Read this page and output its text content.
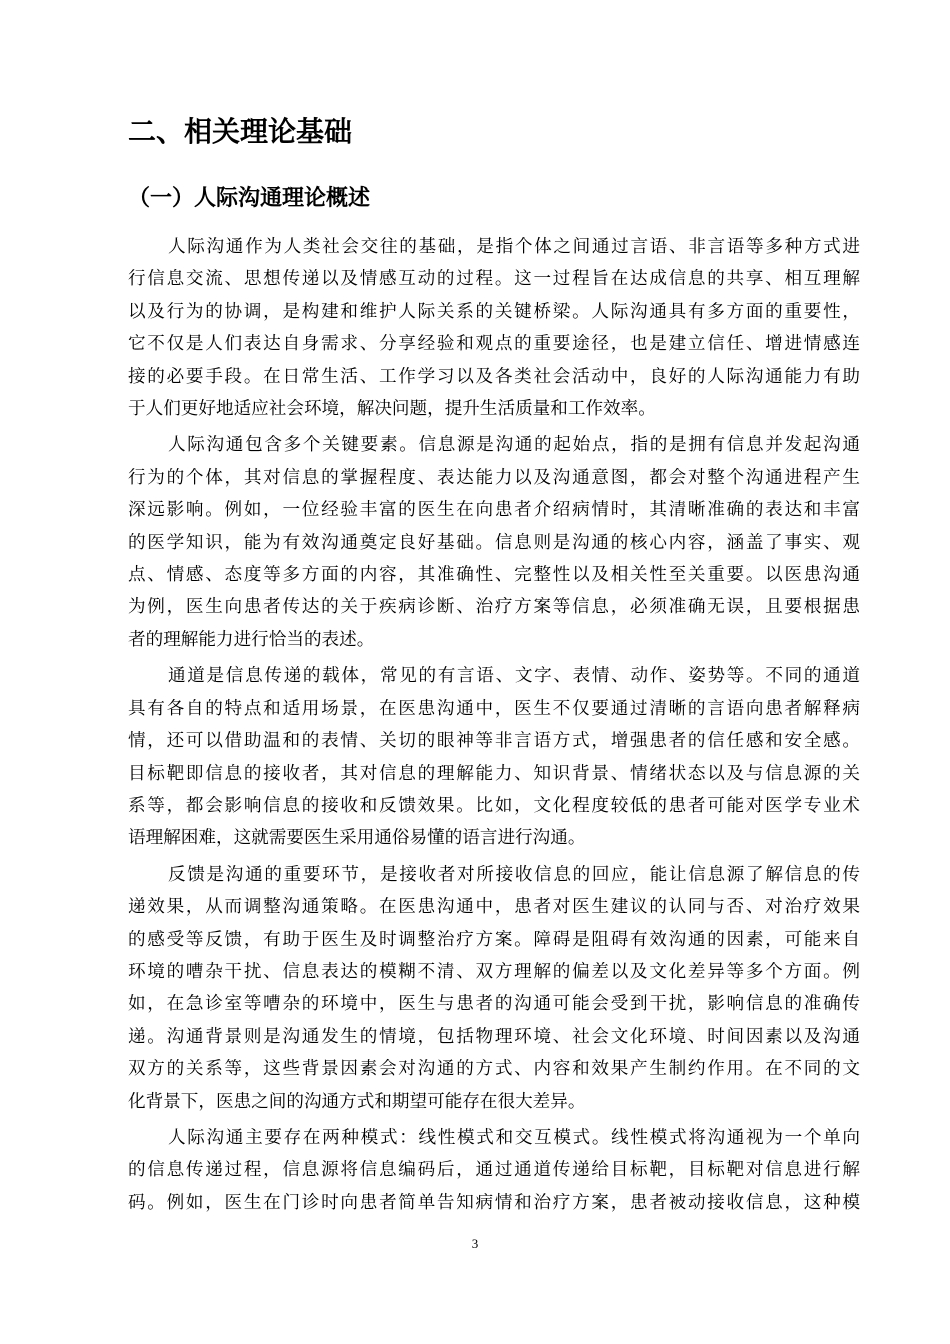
二、相关理论基础
（一）人际沟通理论概述
人际沟通作为人类社会交往的基础，是指个体之间通过言语、非言语等多种方式进
行信息交流、思想传递以及情感互动的过程。这一过程旨在达成信息的共享、相互理解
以及行为的协调，是构建和维护人际关系的关键桥梁。人际沟通具有多方面的重要性，
它不仅是人们表达自身需求、分享经验和观点的重要途径，也是建立信任、增进情感连
接的必要手段。在日常生活、工作学习以及各类社会活动中，良好的人际沟通能力有助
于人们更好地适应社会环境，解决问题，提升生活质量和工作效率。
人际沟通包含多个关键要素。信息源是沟通的起始点，指的是拥有信息并发起沟通
行为的个体，其对信息的掌握程度、表达能力以及沟通意图，都会对整个沟通进程产生
深远影响。例如，一位经验丰富的医生在向患者介绍病情时，其清晰准确的表达和丰富
的医学知识，能为有效沟通奠定良好基础。信息则是沟通的核心内容，涵盖了事实、观
点、情感、态度等多方面的内容，其准确性、完整性以及相关性至关重要。以医患沟通
为例，医生向患者传达的关于疾病诊断、治疗方案等信息，必须准确无误，且要根据患
者的理解能力进行恰当的表述。
通道是信息传递的载体，常见的有言语、文字、表情、动作、姿势等。不同的通道
具有各自的特点和适用场景，在医患沟通中，医生不仅要通过清晰的言语向患者解释病
情，还可以借助温和的表情、关切的眼神等非言语方式，增强患者的信任感和安全感。
目标靶即信息的接收者，其对信息的理解能力、知识背景、情绪状态以及与信息源的关
系等，都会影响信息的接收和反馈效果。比如，文化程度较低的患者可能对医学专业术
语理解困难，这就需要医生采用通俗易懂的语言进行沟通。
反馈是沟通的重要环节，是接收者对所接收信息的回应，能让信息源了解信息的传
递效果，从而调整沟通策略。在医患沟通中，患者对医生建议的认同与否、对治疗效果
的感受等反馈，有助于医生及时调整治疗方案。障碍是阻碍有效沟通的因素，可能来自
环境的嘈杂干扰、信息表达的模糊不清、双方理解的偏差以及文化差异等多个方面。例
如，在急诊室等嘈杂的环境中，医生与患者的沟通可能会受到干扰，影响信息的准确传
递。沟通背景则是沟通发生的情境，包括物理环境、社会文化环境、时间因素以及沟通
双方的关系等，这些背景因素会对沟通的方式、内容和效果产生制约作用。在不同的文
化背景下，医患之间的沟通方式和期望可能存在很大差异。
人际沟通主要存在两种模式：线性模式和交互模式。线性模式将沟通视为一个单向
的信息传递过程，信息源将信息编码后，通过通道传递给目标靶，目标靶对信息进行解
码。例如，医生在门诊时向患者简单告知病情和治疗方案，患者被动接收信息，这种模
3
